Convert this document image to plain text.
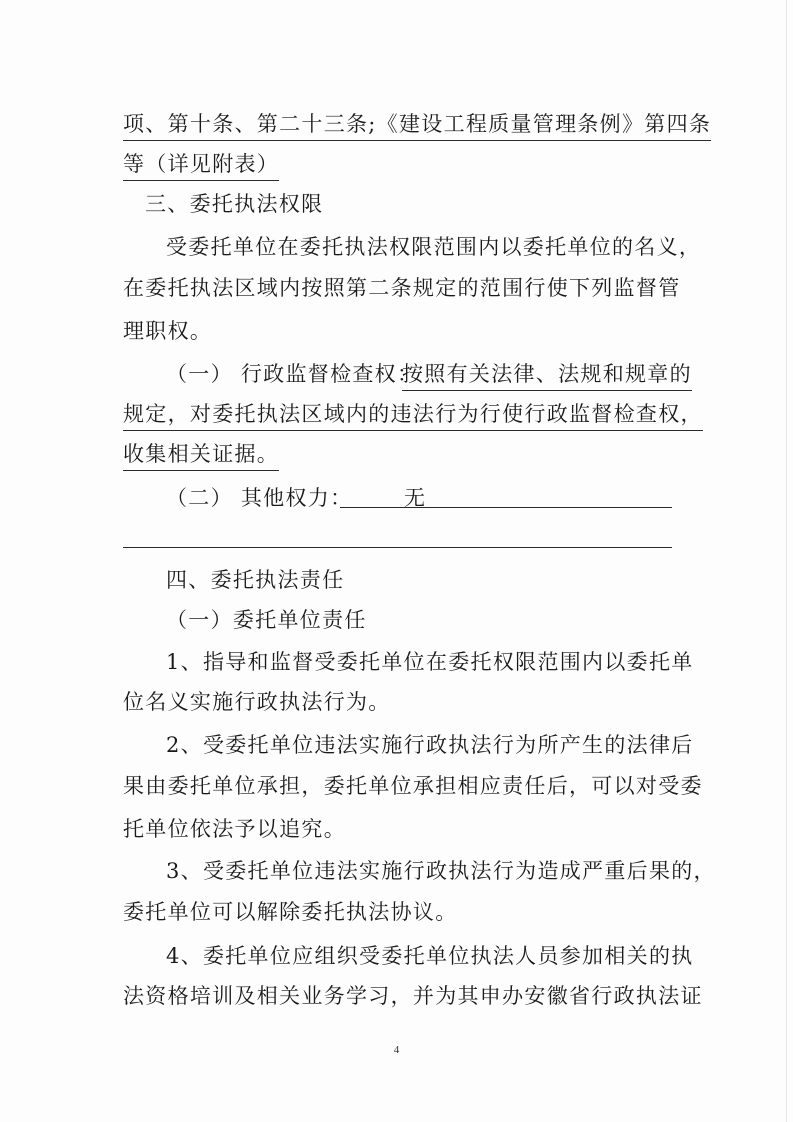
项、第十条、第二十三条;《建设工程质量管理条例》第四条
等（详见附表）
三、委托执法权限
受委托单位在委托执法权限范围内以委托单位的名义，
在委托执法区域内按照第二条规定的范围行使下列监督管
理职权。
（一） 行政监督检查权：
按照有关法律、法规和规章的
规定，对委托执法区域内的违法行为行使行政监督检查权，
收集相关证据。
（二） 其他权力： 无
四、委托执法责任
（一）委托单位责任
1、指导和监督受委托单位在委托权限范围内以委托单
位名义实施行政执法行为。
2、受委托单位违法实施行政执法行为所产生的法律后
果由委托单位承担，委托单位承担相应责任后，可以对受委
托单位依法予以追究。
3、受委托单位违法实施行政执法行为造成严重后果的，
委托单位可以解除委托执法协议。
4、委托单位应组织受委托单位执法人员参加相关的执
法资格培训及相关业务学习，并为其申办安徽省行政执法证
4
